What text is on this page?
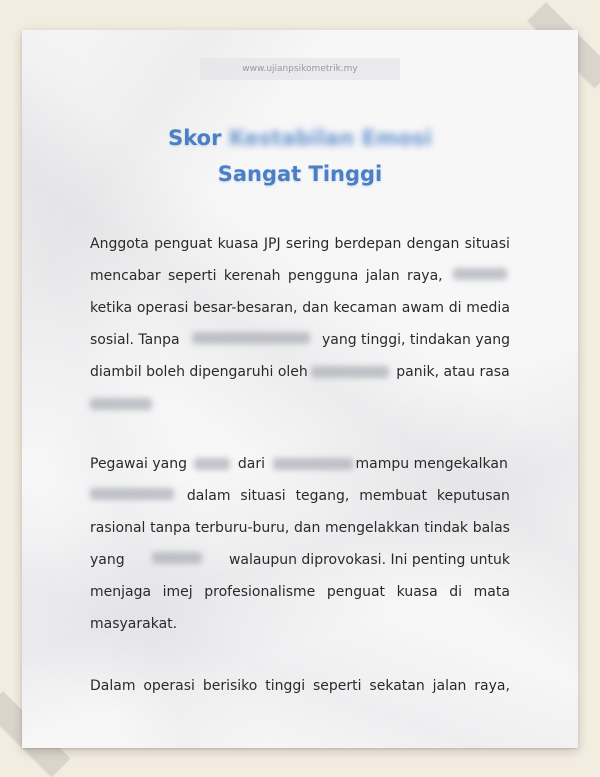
www.ujianpsikometrik.my
Skor Kestabilan Emosi
Sangat Tinggi
Anggota penguat kuasa JPJ sering berdepan dengan situasi
mencabar seperti kerenah pengguna jalan raya,
ketika operasi besar-besaran, dan kecaman awam di media
sosial. Tanpa	yang tinggi, tindakan yang
diambil boleh dipengaruhi oleh	panik, atau rasa
Pegawai yang	dari	mampu mengekalkan
dalam situasi tegang, membuat keputusan
rasional tanpa terburu-buru, dan mengelakkan tindak balas
yang	walaupun diprovokasi. Ini penting untuk
menjaga imej profesionalisme penguat kuasa di mata
masyarakat.
Dalam operasi berisiko tinggi seperti sekatan jalan raya,
